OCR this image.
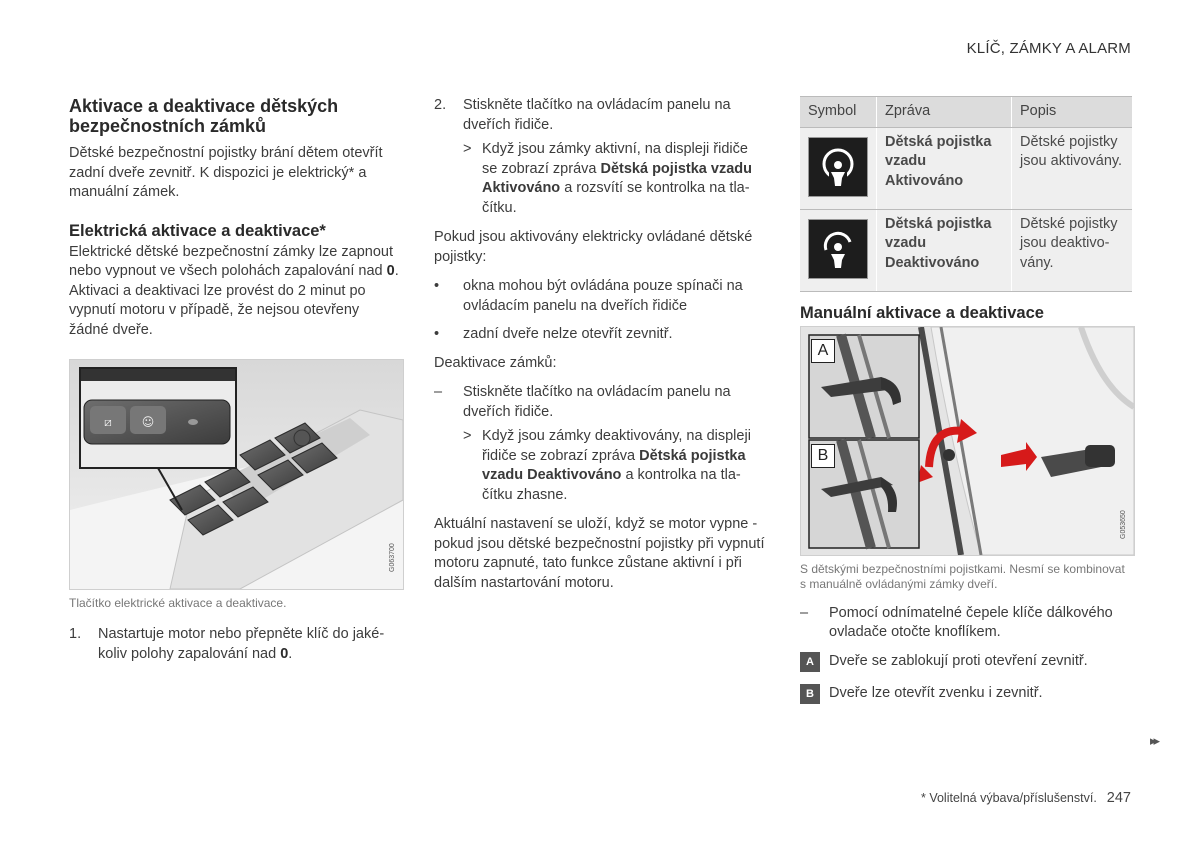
KLÍČ, ZÁMKY A ALARM
Aktivace a deaktivace dětských bezpečnostních zámků

Dětské bezpečnostní pojistky brání dětem otevřít zadní dveře zevnitř. K dispozici je elektrický* a manuální zámek.

Elektrická aktivace a deaktivace*

Elektrické dětské bezpečnostní zámky lze zapnout nebo vypnout ve všech polohách zapalování nad 0. Aktivaci a deaktivaci lze provést do 2 minut po vypnutí motoru v případě, že nejsou otevřeny žádné dveře.

⧄ ☺
G063700
Tlačítko elektrické aktivace a deaktivace.
1. Nastartuje motor nebo přepněte klíč do jakékoliv polohy zapalování nad 0.
2. Stiskněte tlačítko na ovládacím panelu na dveřích řidiče.
> Když jsou zámky aktivní, na displeji řidiče se zobrazí zpráva Dětská pojistka vzadu Aktivováno a rozsvítí se kontrolka na tlačítku.

Pokud jsou aktivovány elektricky ovládané dětské pojistky:

• okna mohou být ovládána pouze spínači na ovládacím panelu na dveřích řidiče
• zadní dveře nelze otevřít zevnitř.

Deaktivace zámků:

– Stiskněte tlačítko na ovládacím panelu na dveřích řidiče.
> Když jsou zámky deaktivovány, na displeji řidiče se zobrazí zpráva Dětská pojistka vzadu Deaktivováno a kontrolka na tlačítku zhasne.

Aktuální nastavení se uloží, když se motor vypne - pokud jsou dětské bezpečnostní pojistky při vypnutí motoru zapnuté, tato funkce zůstane aktivní i při dalším nastartování motoru.

Symbol	Zpráva	Popis

	Dětská pojistka vzadu Aktivováno	Dětské pojistky jsou aktivovány.

	Dětská pojistka vzadu Deaktivováno	Dětské pojistky jsou deaktivovány.
Manuální aktivace a deaktivace
A
B
G053650
S dětskými bezpečnostními pojistkami. Nesmí se kombinovat s manuálně ovládanými zámky dveří.
– Pomocí odnímatelné čepele klíče dálkového ovladače otočte knoflíkem.
A Dveře se zablokují proti otevření zevnitř.
B Dveře lze otevřít zvenku i zevnitř.
▸▸
* Volitelná výbava/příslušenství. 247
